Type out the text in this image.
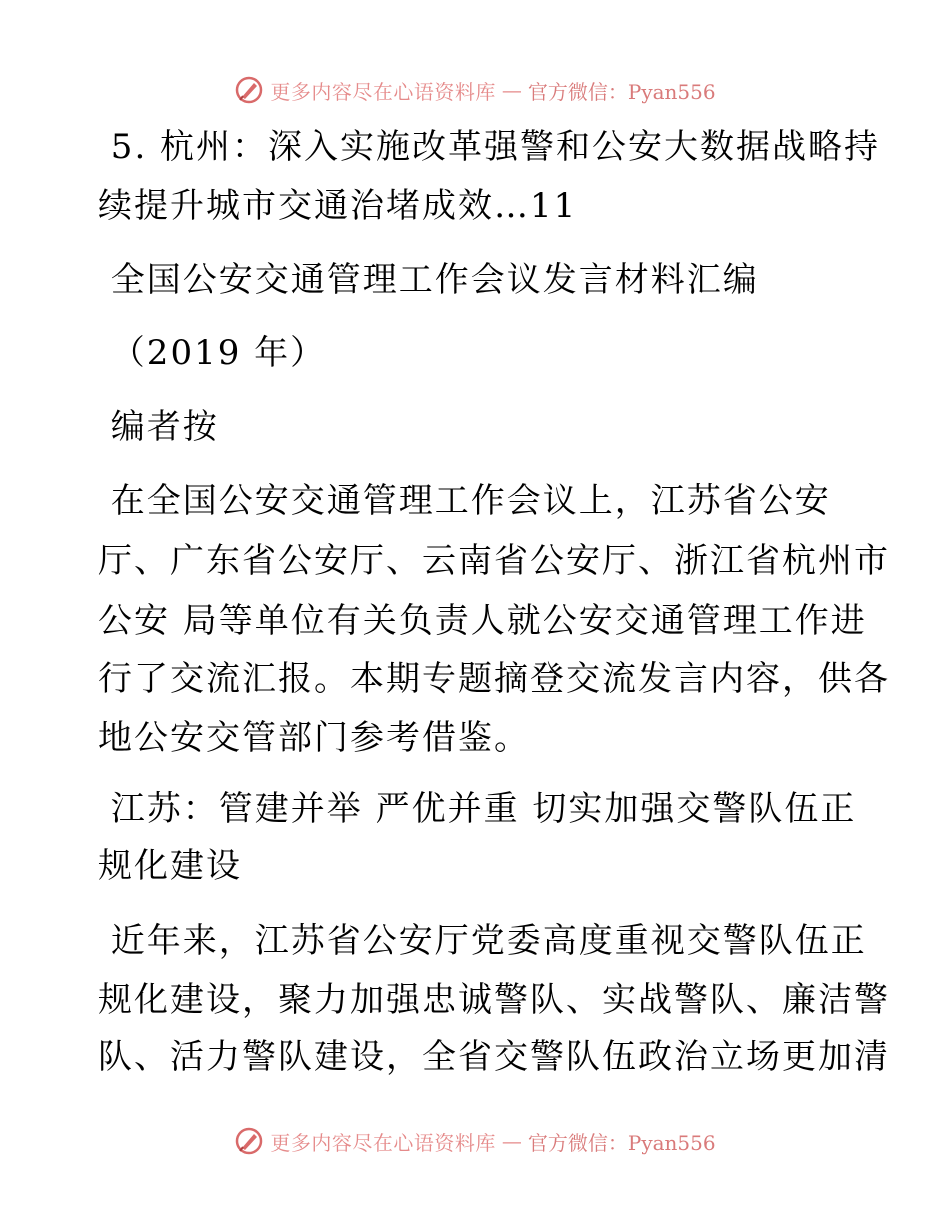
更多内容尽在心语资料库 — 官方微信：Pyan556

5. 杭州：深入实施改革强警和公安大数据战略持

续提升城市交通治堵成效…11

全国公安交通管理工作会议发言材料汇编

（2019 年）

编者按

在全国公安交通管理工作会议上，江苏省公安

厅、广东省公安厅、云南省公安厅、浙江省杭州市

公安 局等单位有关负责人就公安交通管理工作进

行了交流汇报。本期专题摘登交流发言内容，供各

地公安交管部门参考借鉴。

江苏：管建并举 严优并重 切实加强交警队伍正

规化建设

近年来，江苏省公安厅党委高度重视交警队伍正

规化建设，聚力加强忠诚警队、实战警队、廉洁警

队、活力警队建设，全省交警队伍政治立场更加清

更多内容尽在心语资料库 — 官方微信：Pyan556
